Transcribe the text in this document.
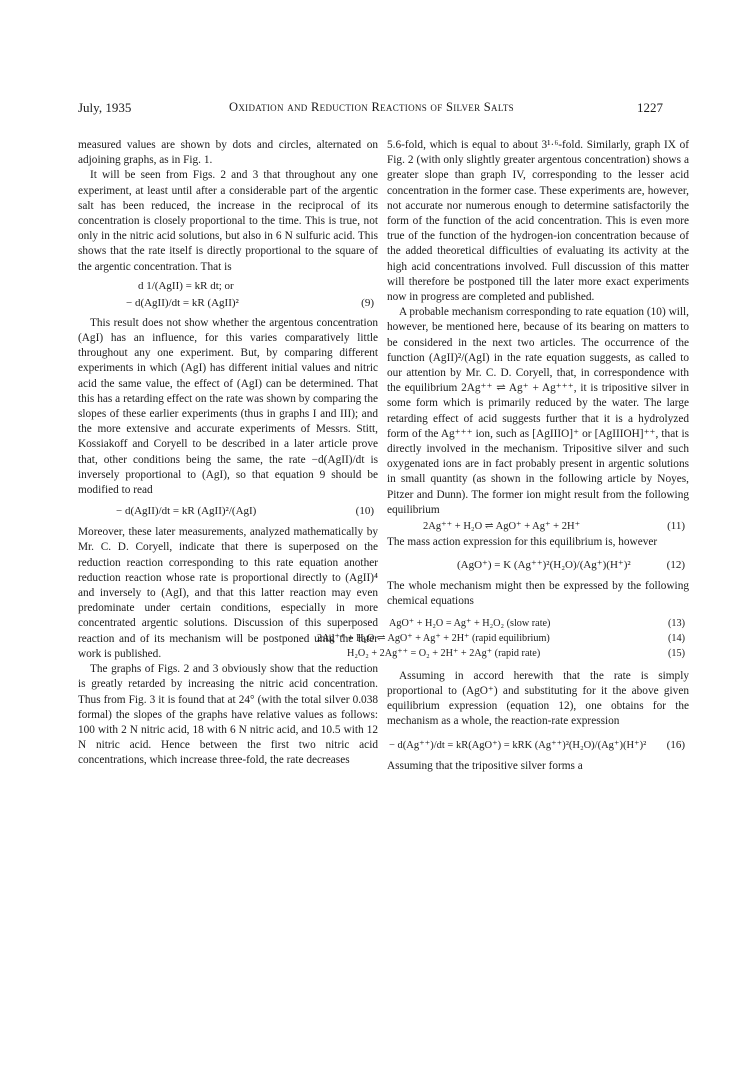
July, 1935	Oxidation and Reduction Reactions of Silver Salts	1227

measured values are shown by dots and circles, alternated on adjoining graphs, as in Fig. 1.

It will be seen from Figs. 2 and 3 that throughout any one experiment, at least until after a considerable part of the argentic salt has been reduced, the increase in the reciprocal of its concentration is closely proportional to the time. This is true, not only in the nitric acid solutions, but also in 6 N sulfuric acid. This shows that the rate itself is directly proportional to the square of the argentic concentration. That is

d 1/(AgII) = kR dt; or
− d(AgII)/dt = kR (AgII)²	(9)

This result does not show whether the argentous concentration (AgI) has an influence, for this varies comparatively little throughout any one experiment. But, by comparing different experiments in which (AgI) has different initial values and nitric acid the same value, the effect of (AgI) can be determined. That this has a retarding effect on the rate was shown by comparing the slopes of these earlier experiments (thus in graphs I and III); and the more extensive and accurate experiments of Messrs. Stitt, Kossiakoff and Coryell to be described in a later article prove that, other conditions being the same, the rate −d(AgII)/dt is inversely proportional to (AgI), so that equation 9 should be modified to read

− d(AgII)/dt = kR (AgII)²/(AgI)	(10)

Moreover, these later measurements, analyzed mathematically by Mr. C. D. Coryell, indicate that there is superposed on the reduction reaction corresponding to this rate equation another reduction reaction whose rate is proportional directly to (AgII)⁴ and inversely to (AgI), and that this latter reaction may even predominate under certain conditions, especially in more concentrated argentic solutions. Discussion of this superposed reaction and of its mechanism will be postponed until the later work is published.

The graphs of Figs. 2 and 3 obviously show that the reduction is greatly retarded by increasing the nitric acid concentration. Thus from Fig. 3 it is found that at 24° (with the total silver 0.038 formal) the slopes of the graphs have relative values as follows: 100 with 2 N nitric acid, 18 with 6 N nitric acid, and 10.5 with 12 N nitric acid. Hence between the first two nitric acid concentrations, which increase three-fold, the rate decreases

5.6-fold, which is equal to about 3¹·⁶-fold. Similarly, graph IX of Fig. 2 (with only slightly greater argentous concentration) shows a greater slope than graph IV, corresponding to the lesser acid concentration in the former case. These experiments are, however, not accurate nor numerous enough to determine satisfactorily the form of the function of the acid concentration. This is even more true of the function of the hydrogen-ion concentration because of the added theoretical difficulties of evaluating its activity at the high acid concentrations involved. Full discussion of this matter will therefore be postponed till the later more exact experiments now in progress are completed and published.

A probable mechanism corresponding to rate equation (10) will, however, be mentioned here, because of its bearing on matters to be considered in the next two articles. The occurrence of the function (AgII)²/(AgI) in the rate equation suggests, as called to our attention by Mr. C. D. Coryell, that, in correspondence with the equilibrium 2Ag⁺⁺ ⇌ Ag⁺ + Ag⁺⁺⁺, it is tripositive silver in some form which is primarily reduced by the water. The large retarding effect of acid suggests further that it is a hydrolyzed form of the Ag⁺⁺⁺ ion, such as [AgIIIO]⁺ or [AgIIIOH]⁺⁺, that is directly involved in the mechanism. Tripositive silver and such oxygenated ions are in fact probably present in argentic solutions in small quantity (as shown in the following article by Noyes, Pitzer and Dunn). The former ion might result from the following equilibrium

2Ag⁺⁺ + H₂O ⇌ AgO⁺ + Ag⁺ + 2H⁺	(11)

The mass action expression for this equilibrium is, however

(AgO⁺) = K (Ag⁺⁺)²(H₂O)/(Ag⁺)(H⁺)²	(12)

The whole mechanism might then be expressed by the following chemical equations

AgO⁺ + H₂O = Ag⁺ + H₂O₂ (slow rate)	(13)
2Ag⁺⁺ + H₂O ⇌ AgO⁺ + Ag⁺ + 2H⁺ (rapid equilibrium)	(14)
H₂O₂ + 2Ag⁺⁺ = O₂ + 2H⁺ + 2Ag⁺ (rapid rate)	(15)

Assuming in accord herewith that the rate is simply proportional to (AgO⁺) and substituting for it the above given equilibrium expression (equation 12), one obtains for the mechanism as a whole, the reaction-rate expression

− d(Ag⁺⁺)/dt = kR(AgO⁺) = kRK (Ag⁺⁺)²(H₂O)/(Ag⁺)(H⁺)² (16)

Assuming that the tripositive silver forms a
